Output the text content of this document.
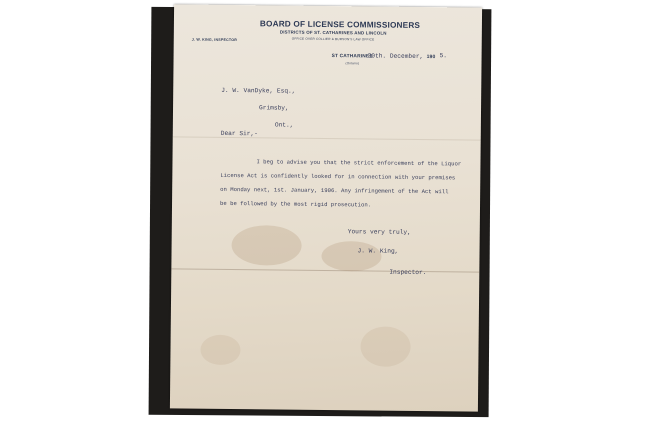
BOARD OF LICENSE COMMISSIONERS
DISTRICTS OF ST. CATHARINES AND LINCOLN
OFFICE OVER COLLIER & BURSON'S LAW OFFICE
J. W. KING, INSPECTOR
ST CATHARINES
(Ontario)
30th. December, 190 5.
J. W. VanDyke, Esq.,
Grimsby,
Ont.,
Dear Sir,-
I beg to advise you that the strict enforcement of the Liquor
License Act is confidently looked for in connection with your premises
on Monday next, 1st. January, 1906. Any infringement of the Act will
be be followed by the most rigid prosecution.
Yours very truly,
J. W. King,
Inspector.
